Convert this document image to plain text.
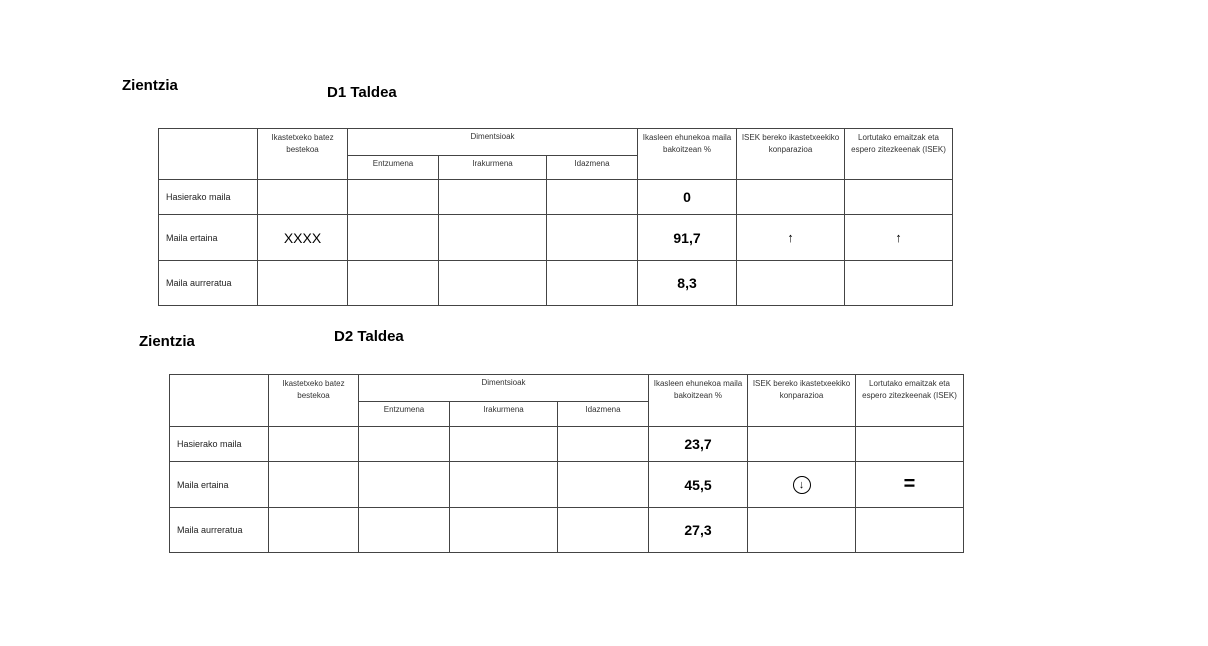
Zientzia	D1 Taldea
	Ikastetxeko batez bestekoa	Dimentsioak			Ikasleen ehunekoa maila bakoitzean %	ISEK bereko ikastetxeekiko konparazioa	Lortutako emaitzak eta espero zitezkeenak (ISEK)
		Entzumena	Irakurmena	Idazmena			
Hasierako maila					0		
Maila ertaina	XXXX				91,7	↑	↑
Maila aurreratua					8,3		
Zientzia	D2 Taldea
	Ikastetxeko batez bestekoa	Dimentsioak			Ikasleen ehunekoa maila bakoitzean %	ISEK bereko ikastetxeekiko konparazioa	Lortutako emaitzak eta espero zitezkeenak (ISEK)
		Entzumena	Irakurmena	Idazmena			
Hasierako maila					23,7		
Maila ertaina					45,5	↓	=
Maila aurreratua					27,3		
